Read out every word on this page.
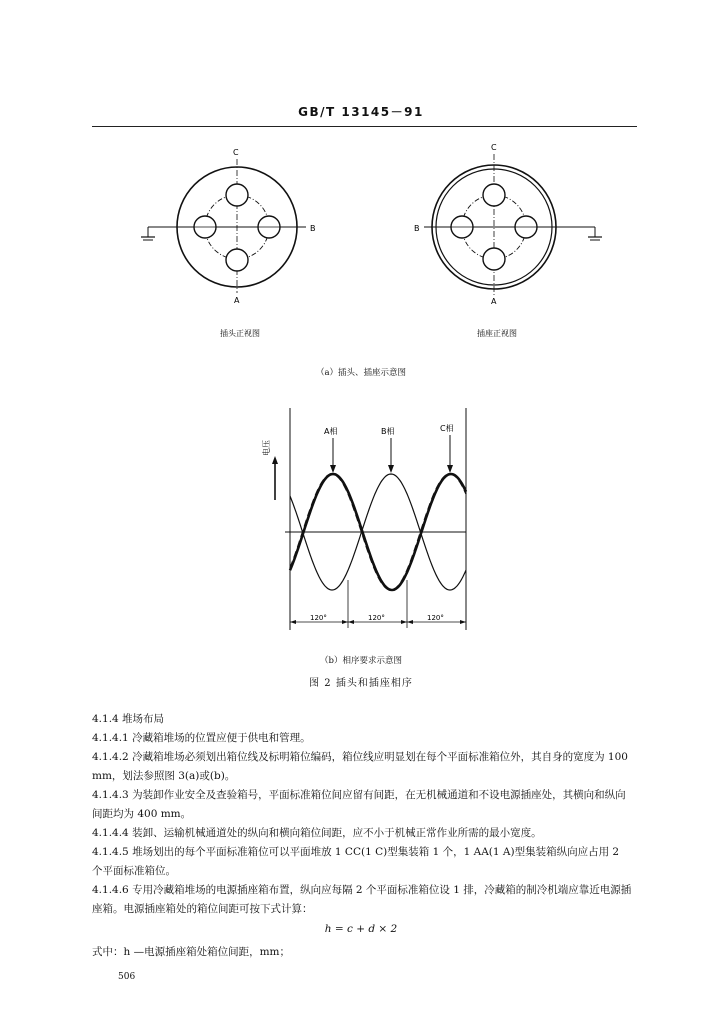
GB/T 13145－91
C
B
A
插头正视图
C
B
A
插座正视图
（a）插头、插座示意图
电压
A相	B相	C相
120°	120°	120°
（b）相序要求示意图
图 2 插头和插座相序

4.1.4 堆场布局

4.1.4.1 冷藏箱堆场的位置应便于供电和管理。

4.1.4.2 冷藏箱堆场必须划出箱位线及标明箱位编码，箱位线应明显划在每个平面标准箱位外，其自身的宽度为 100 mm，划法参照图 3(a)或(b)。

4.1.4.3 为装卸作业安全及查验箱号，平面标准箱位间应留有间距，在无机械通道和不设电源插座处，其横向和纵向间距均为 400 mm。

4.1.4.4 装卸、运输机械通道处的纵向和横向箱位间距，应不小于机械正常作业所需的最小宽度。

4.1.4.5 堆场划出的每个平面标准箱位可以平面堆放 1 CC(1 C)型集装箱 1 个，1 AA(1 A)型集装箱纵向应占用 2 个平面标准箱位。

4.1.4.6 专用冷藏箱堆场的电源插座箱布置，纵向应每隔 2 个平面标准箱位设 1 排，冷藏箱的制冷机端应靠近电源插座箱。电源插座箱处的箱位间距可按下式计算：

h = c + d × 2
式中：h —电源插座箱处箱位间距，mm；
506
